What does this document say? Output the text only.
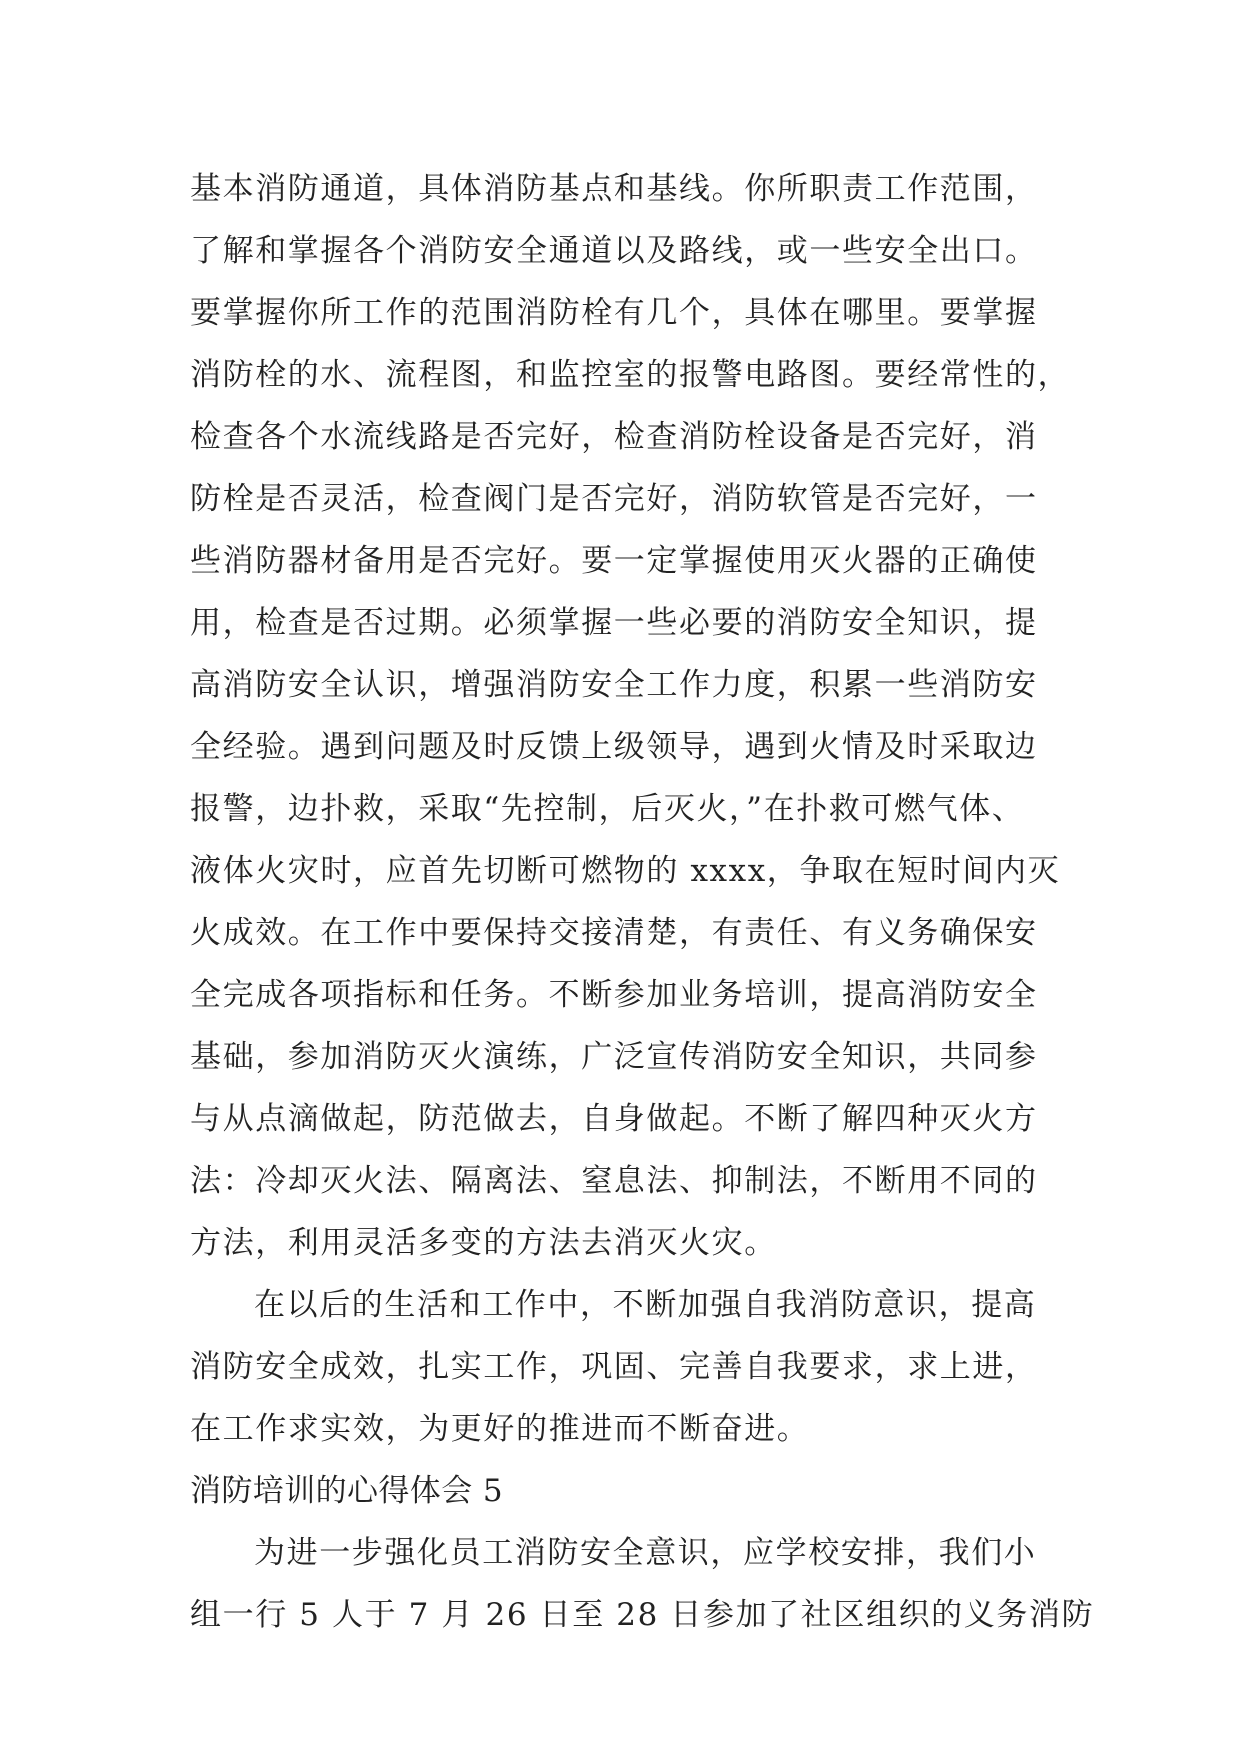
基本消防通道，具体消防基点和基线。你所职责工作范围，
了解和掌握各个消防安全通道以及路线，或一些安全出口。
要掌握你所工作的范围消防栓有几个，具体在哪里。要掌握
消防栓的水、流程图，和监控室的报警电路图。要经常性的，
检查各个水流线路是否完好，检查消防栓设备是否完好，消
防栓是否灵活，检查阀门是否完好，消防软管是否完好，一
些消防器材备用是否完好。要一定掌握使用灭火器的正确使
用，检查是否过期。必须掌握一些必要的消防安全知识，提
高消防安全认识，增强消防安全工作力度，积累一些消防安
全经验。遇到问题及时反馈上级领导，遇到火情及时采取边
报警，边扑救，采取“先控制，后灭火，”在扑救可燃气体、
液体火灾时，应首先切断可燃物的 xxxx，争取在短时间内灭
火成效。在工作中要保持交接清楚，有责任、有义务确保安
全完成各项指标和任务。不断参加业务培训，提高消防安全
基础，参加消防灭火演练，广泛宣传消防安全知识，共同参
与从点滴做起，防范做去，自身做起。不断了解四种灭火方
法：冷却灭火法、隔离法、窒息法、抑制法，不断用不同的
方法，利用灵活多变的方法去消灭火灾。
在以后的生活和工作中，不断加强自我消防意识，提高
消防安全成效，扎实工作，巩固、完善自我要求，求上进，
在工作求实效，为更好的推进而不断奋进。
消防培训的心得体会 5
为进一步强化员工消防安全意识，应学校安排，我们小
组一行 5 人于 7 月 26 日至 28 日参加了社区组织的义务消防
